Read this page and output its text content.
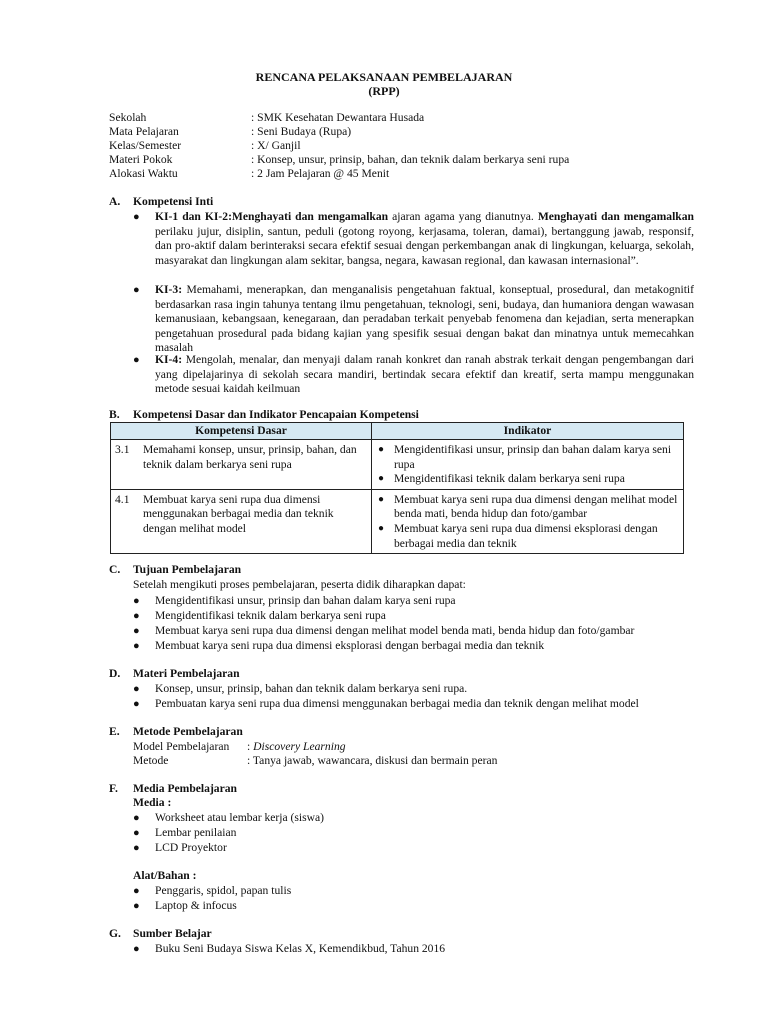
RENCANA PELAKSANAAN PEMBELAJARAN
(RPP)
Sekolah	: SMK Kesehatan Dewantara Husada
Mata Pelajaran	: Seni Budaya (Rupa)
Kelas/Semester	: X/ Ganjil
Materi Pokok	: Konsep, unsur, prinsip, bahan, dan teknik dalam berkarya seni rupa
Alokasi Waktu	: 2 Jam Pelajaran @ 45 Menit
A. Kompetensi Inti
●	KI-1 dan KI-2:Menghayati dan mengamalkan ajaran agama yang dianutnya. Menghayati dan mengamalkan perilaku jujur, disiplin, santun, peduli (gotong royong, kerjasama, toleran, damai), bertanggung jawab, responsif, dan pro-aktif dalam berinteraksi secara efektif sesuai dengan perkembangan anak di lingkungan, keluarga, sekolah, masyarakat dan lingkungan alam sekitar, bangsa, negara, kawasan regional, dan kawasan internasional”.
●	KI-3: Memahami, menerapkan, dan menganalisis pengetahuan faktual, konseptual, prosedural, dan metakognitif berdasarkan rasa ingin tahunya tentang ilmu pengetahuan, teknologi, seni, budaya, dan humaniora dengan wawasan kemanusiaan, kebangsaan, kenegaraan, dan peradaban terkait penyebab fenomena dan kejadian, serta menerapkan pengetahuan prosedural pada bidang kajian yang spesifik sesuai dengan bakat dan minatnya untuk memecahkan masalah
●	KI-4: Mengolah, menalar, dan menyaji dalam ranah konkret dan ranah abstrak terkait dengan pengembangan dari yang dipelajarinya di sekolah secara mandiri, bertindak secara efektif dan kreatif, serta mampu menggunakan metode sesuai kaidah keilmuan
B. Kompetensi Dasar dan Indikator Pencapaian Kompetensi
Kompetensi Dasar	Indikator
3.1 Memahami konsep, unsur, prinsip, bahan, dan teknik dalam berkarya seni rupa	● Mengidentifikasi unsur, prinsip dan bahan dalam karya seni rupa
● Mengidentifikasi teknik dalam berkarya seni rupa

4.1 Membuat karya seni rupa dua dimensi menggunakan berbagai media dan teknik dengan melihat model	● Membuat karya seni rupa dua dimensi dengan melihat model benda mati, benda hidup dan foto/gambar
● Membuat karya seni rupa dua dimensi eksplorasi dengan berbagai media dan teknik
C. Tujuan Pembelajaran
Setelah mengikuti proses pembelajaran, peserta didik diharapkan dapat:
● Mengidentifikasi unsur, prinsip dan bahan dalam karya seni rupa
● Mengidentifikasi teknik dalam berkarya seni rupa
● Membuat karya seni rupa dua dimensi dengan melihat model benda mati, benda hidup dan foto/gambar
● Membuat karya seni rupa dua dimensi eksplorasi dengan berbagai media dan teknik
D. Materi Pembelajaran
● Konsep, unsur, prinsip, bahan dan teknik dalam berkarya seni rupa.
● Pembuatan karya seni rupa dua dimensi menggunakan berbagai media dan teknik dengan melihat model
E. Metode Pembelajaran
Model Pembelajaran : Discovery Learning
Metode	: Tanya jawab, wawancara, diskusi dan bermain peran
F. Media Pembelajaran
Media :
● Worksheet atau lembar kerja (siswa)
● Lembar penilaian
● LCD Proyektor
Alat/Bahan :
● Penggaris, spidol, papan tulis
● Laptop & infocus
G. Sumber Belajar
● Buku Seni Budaya Siswa Kelas X, Kemendikbud, Tahun 2016
